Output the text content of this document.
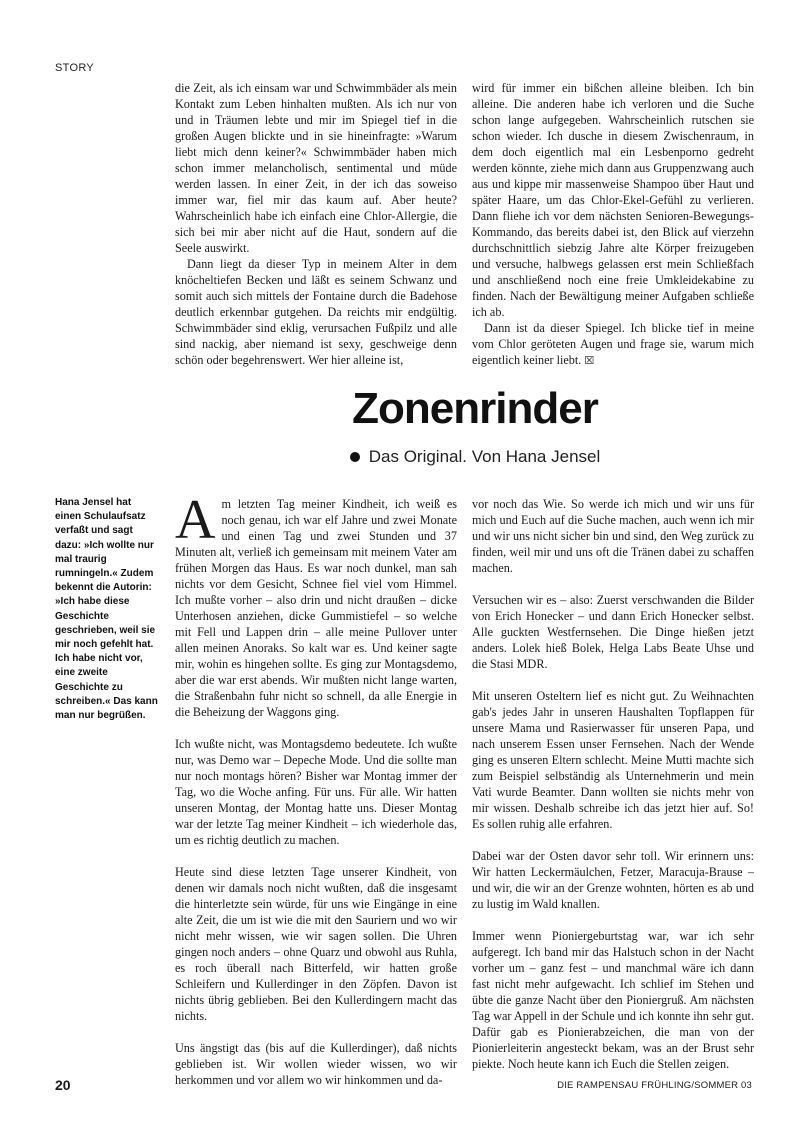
STORY

die Zeit, als ich einsam war und Schwimmbäder als mein Kontakt zum Leben hinhalten mußten. Als ich nur von und in Träumen lebte und mir im Spiegel tief in die großen Augen blickte und in sie hineinfragte: »Warum liebt mich denn keiner?« Schwimmbäder haben mich schon immer melancholisch, sentimental und müde werden lassen. In einer Zeit, in der ich das soweiso immer war, fiel mir das kaum auf. Aber heute? Wahrscheinlich habe ich einfach eine Chlor-Allergie, die sich bei mir aber nicht auf die Haut, sondern auf die Seele auswirkt.

Dann liegt da dieser Typ in meinem Alter in dem knöcheltiefen Becken und läßt es seinem Schwanz und somit auch sich mittels der Fontaine durch die Badehose deutlich erkennbar gutgehen. Da reichts mir endgültig. Schwimmbäder sind eklig, verursachen Fußpilz und alle sind nackig, aber niemand ist sexy, geschweige denn schön oder begehrenswert. Wer hier alleine ist,

wird für immer ein bißchen alleine bleiben. Ich bin alleine. Die anderen habe ich verloren und die Suche schon lange aufgegeben. Wahrscheinlich rutschen sie schon wieder. Ich dusche in diesem Zwischenraum, in dem doch eigentlich mal ein Lesbenporno gedreht werden könnte, ziehe mich dann aus Gruppenzwang auch aus und kippe mir massenweise Shampoo über Haut und später Haare, um das Chlor-Ekel-Gefühl zu verlieren. Dann fliehe ich vor dem nächsten Senioren-Bewegungs-Kommando, das bereits dabei ist, den Blick auf vierzehn durchschnittlich siebzig Jahre alte Körper freizugeben und versuche, halbwegs gelassen erst mein Schließfach und anschließend noch eine freie Umkleidekabine zu finden. Nach der Bewältigung meiner Aufgaben schließe ich ab.

Dann ist da dieser Spiegel. Ich blicke tief in meine vom Chlor geröteten Augen und frage sie, warum mich eigentlich keiner liebt. ☒

Zonenrinder
Das Original. Von Hana Jensel

Hana Jensel hat einen Schulaufsatz verfaßt und sagt dazu: »Ich wollte nur mal traurig rumningeln.« Zudem bekennt die Autorin: »Ich habe diese Geschichte geschrieben, weil sie mir noch gefehlt hat. Ich habe nicht vor, eine zweite Geschichte zu schreiben.« Das kann man nur begrüßen.

Am letzten Tag meiner Kindheit, ich weiß es noch genau, ich war elf Jahre und zwei Monate und einen Tag und zwei Stunden und 37 Minuten alt, verließ ich gemeinsam mit meinem Vater am frühen Morgen das Haus. Es war noch dunkel, man sah nichts vor dem Gesicht, Schnee fiel viel vom Himmel. Ich mußte vorher – also drin und nicht draußen – dicke Unterhosen anziehen, dicke Gummistiefel – so welche mit Fell und Lappen drin – alle meine Pullover unter allen meinen Anoraks. So kalt war es. Und keiner sagte mir, wohin es hingehen sollte. Es ging zur Montagsdemo, aber die war erst abends. Wir mußten nicht lange warten, die Straßenbahn fuhr nicht so schnell, da alle Energie in die Beheizung der Waggons ging.

Ich wußte nicht, was Montagsdemo bedeutete. Ich wußte nur, was Demo war – Depeche Mode. Und die sollte man nur noch montags hören? Bisher war Montag immer der Tag, wo die Woche anfing. Für uns. Für alle. Wir hatten unseren Montag, der Montag hatte uns. Dieser Montag war der letzte Tag meiner Kindheit – ich wiederhole das, um es richtig deutlich zu machen.

Heute sind diese letzten Tage unserer Kindheit, von denen wir damals noch nicht wußten, daß die insgesamt die hinterletzte sein würde, für uns wie Eingänge in eine alte Zeit, die um ist wie die mit den Sauriern und wo wir nicht mehr wissen, wie wir sagen sollen. Die Uhren gingen noch anders – ohne Quarz und obwohl aus Ruhla, es roch überall nach Bitterfeld, wir hatten große Schleifern und Kullerdinger in den Zöpfen. Davon ist nichts übrig geblieben. Bei den Kullerdingern macht das nichts.

Uns ängstigt das (bis auf die Kullerdinger), daß nichts geblieben ist. Wir wollen wieder wissen, wo wir herkommen und vor allem wo wir hinkommen und da-

vor noch das Wie. So werde ich mich und wir uns für mich und Euch auf die Suche machen, auch wenn ich mir und wir uns nicht sicher bin und sind, den Weg zurück zu finden, weil mir und uns oft die Tränen dabei zu schaffen machen.

Versuchen wir es – also: Zuerst verschwanden die Bilder von Erich Honecker – und dann Erich Honecker selbst. Alle guckten Westfernsehen. Die Dinge hießen jetzt anders. Lolek hieß Bolek, Helga Labs Beate Uhse und die Stasi MDR.

Mit unseren Osteltern lief es nicht gut. Zu Weihnachten gab's jedes Jahr in unseren Haushalten Topflappen für unsere Mama und Rasierwasser für unseren Papa, und nach unserem Essen unser Fernsehen. Nach der Wende ging es unseren Eltern schlecht. Meine Mutti machte sich zum Beispiel selbständig als Unternehmerin und mein Vati wurde Beamter. Dann wollten sie nichts mehr von mir wissen. Deshalb schreibe ich das jetzt hier auf. So! Es sollen ruhig alle erfahren.

Dabei war der Osten davor sehr toll. Wir erinnern uns: Wir hatten Leckermäulchen, Fetzer, Maracuja-Brause – und wir, die wir an der Grenze wohnten, hörten es ab und zu lustig im Wald knallen.

Immer wenn Pioniergeburtstag war, war ich sehr aufgeregt. Ich band mir das Halstuch schon in der Nacht vorher um – ganz fest – und manchmal wäre ich dann fast nicht mehr aufgewacht. Ich schlief im Stehen und übte die ganze Nacht über den Pioniergruß. Am nächsten Tag war Appell in der Schule und ich konnte ihn sehr gut. Dafür gab es Pionierabzeichen, die man von der Pionierleiterin angesteckt bekam, was an der Brust sehr piekte. Noch heute kann ich Euch die Stellen zeigen.

20	DIE RAMPENSAU FRÜHLING/SOMMER 03
